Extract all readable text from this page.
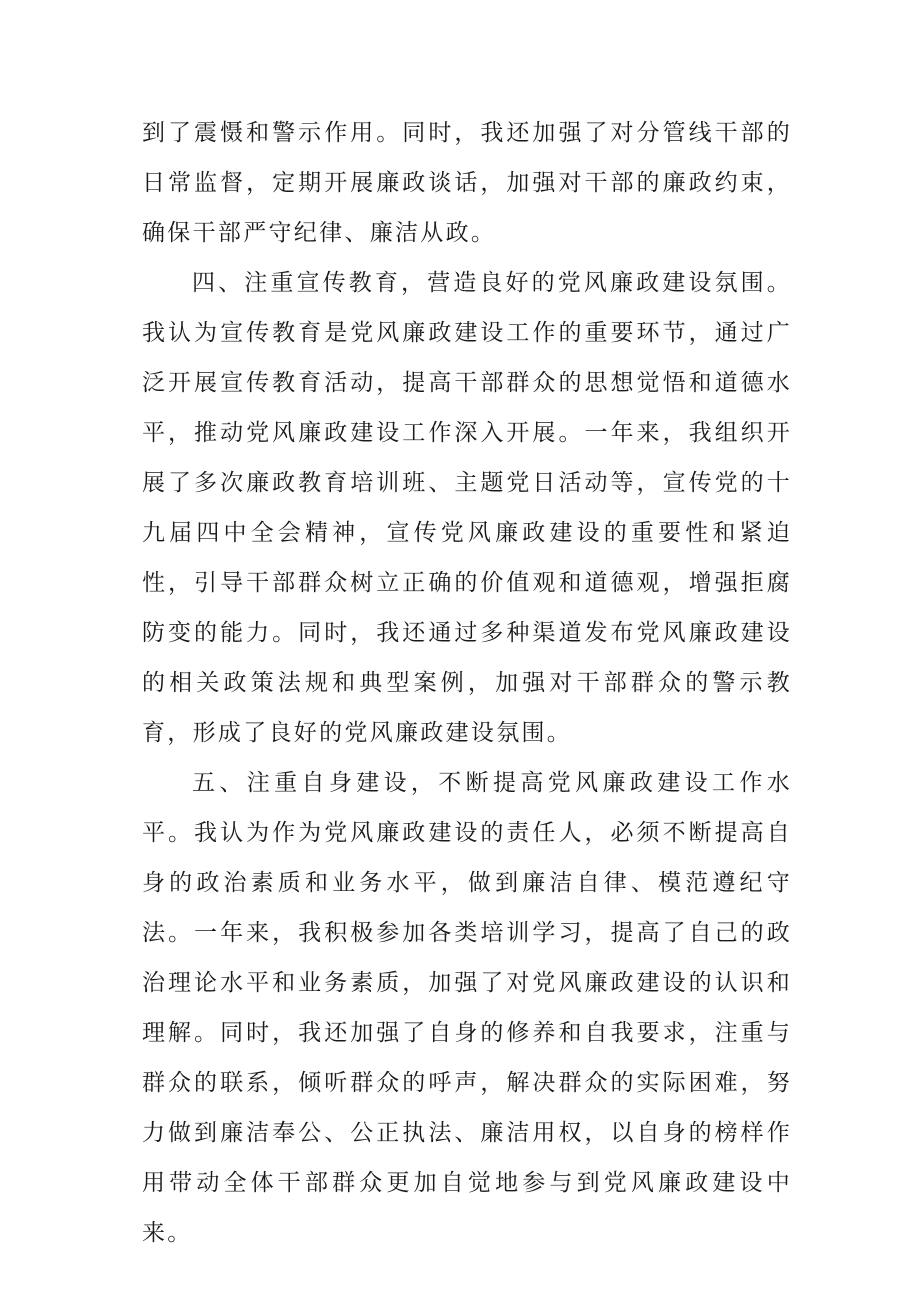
到了震慑和警示作用。同时，我还加强了对分管线干部的日常监督，定期开展廉政谈话，加强对干部的廉政约束，确保干部严守纪律、廉洁从政。

四、注重宣传教育，营造良好的党风廉政建设氛围。我认为宣传教育是党风廉政建设工作的重要环节，通过广泛开展宣传教育活动，提高干部群众的思想觉悟和道德水平，推动党风廉政建设工作深入开展。一年来，我组织开展了多次廉政教育培训班、主题党日活动等，宣传党的十九届四中全会精神，宣传党风廉政建设的重要性和紧迫性，引导干部群众树立正确的价值观和道德观，增强拒腐防变的能力。同时，我还通过多种渠道发布党风廉政建设的相关政策法规和典型案例，加强对干部群众的警示教育，形成了良好的党风廉政建设氛围。

五、注重自身建设，不断提高党风廉政建设工作水平。我认为作为党风廉政建设的责任人，必须不断提高自身的政治素质和业务水平，做到廉洁自律、模范遵纪守法。一年来，我积极参加各类培训学习，提高了自己的政治理论水平和业务素质，加强了对党风廉政建设的认识和理解。同时，我还加强了自身的修养和自我要求，注重与群众的联系，倾听群众的呼声，解决群众的实际困难，努力做到廉洁奉公、公正执法、廉洁用权，以自身的榜样作用带动全体干部群众更加自觉地参与到党风廉政建设中来。
